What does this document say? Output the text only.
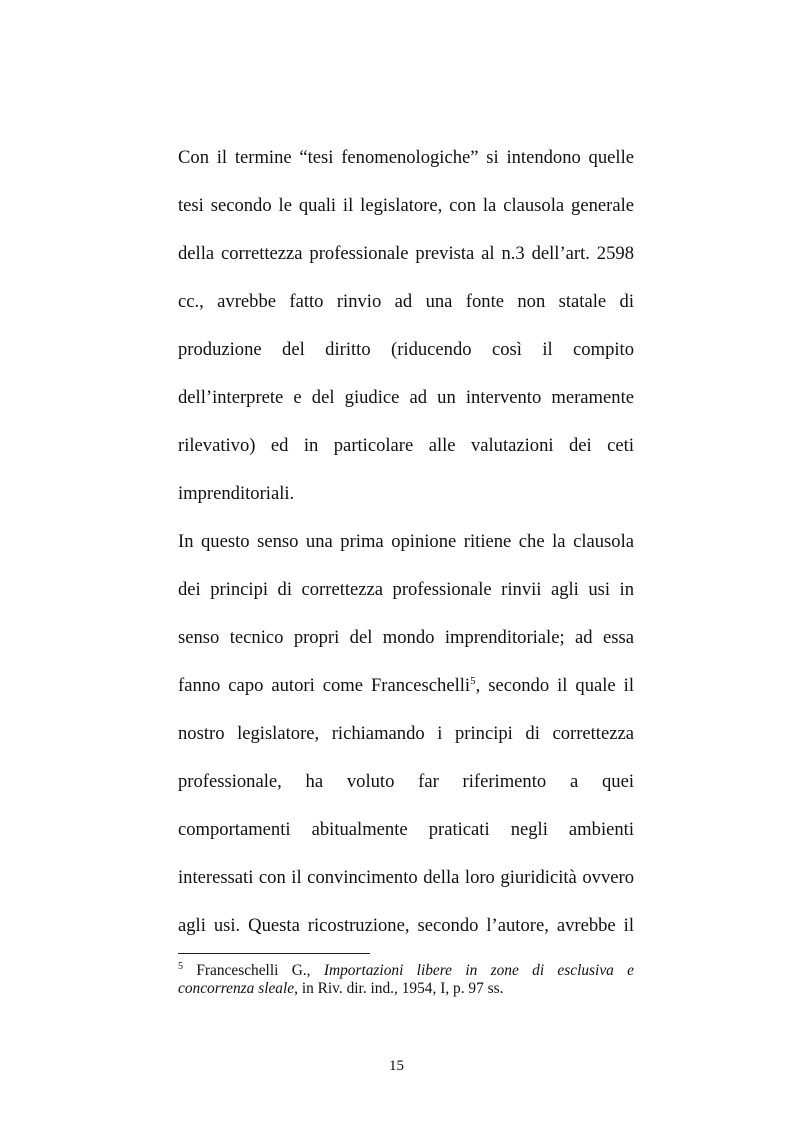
Con il termine “tesi fenomenologiche” si intendono quelle
tesi secondo le quali il legislatore, con la clausola generale
della correttezza professionale prevista al n.3 dell’art. 2598
cc., avrebbe fatto rinvio ad una fonte non statale di
produzione del diritto (riducendo così il compito
dell’interprete e del giudice ad un intervento meramente
rilevativo) ed in particolare alle valutazioni dei ceti
imprenditoriali.
In questo senso una prima opinione ritiene che la clausola
dei principi di correttezza professionale rinvii agli usi in
senso tecnico propri del mondo imprenditoriale; ad essa
fanno capo autori come Franceschelli$^5$, secondo il quale il
nostro legislatore, richiamando i principi di correttezza
professionale, ha voluto far riferimento a quei
comportamenti abitualmente praticati negli ambienti
interessati con il convincimento della loro giuridicità ovvero
agli usi. Questa ricostruzione, secondo l’autore, avrebbe il
$^5$ Franceschelli G., Importazioni libere in zone di esclusiva e
concorrenza sleale, in Riv. dir. ind., 1954, I, p. 97 ss.
15
